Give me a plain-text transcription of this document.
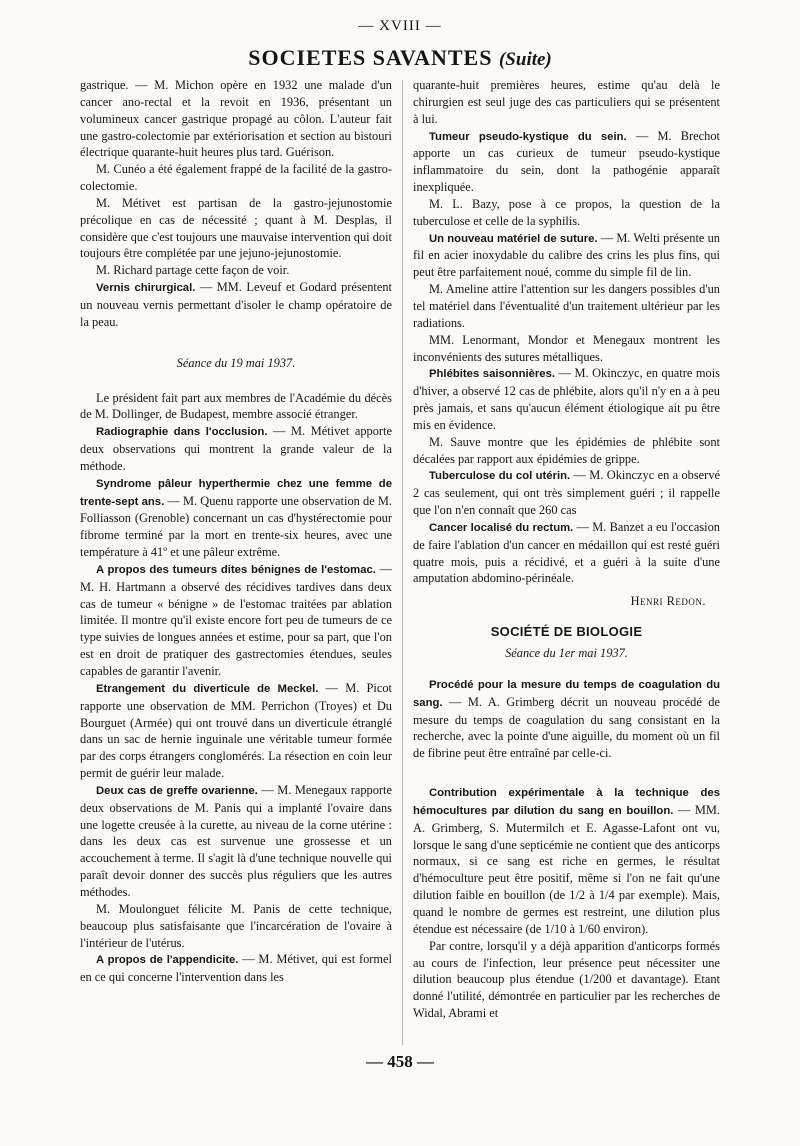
— XVIII —
SOCIETES SAVANTES (Suite)

gastrique. — M. Michon opère en 1932 une malade d'un cancer ano-rectal et la revoit en 1936, présentant un volumineux cancer gastrique propagé au côlon. L'auteur fait une gastro-colectomie par extériorisation et section au bistouri électrique quarante-huit heures plus tard. Guérison.

M. Cunéo a été également frappé de la facilité de la gastro-colectomie.

M. Métivet est partisan de la gastro-jejunostomie précolique en cas de nécessité ; quant à M. Desplas, il considère que c'est toujours une mauvaise intervention qui doit toujours être complétée par une jejuno-jejunostomie.

M. Richard partage cette façon de voir.

Vernis chirurgical. — MM. Leveuf et Godard présentent un nouveau vernis permettant d'isoler le champ opératoire de la peau.

Séance du 19 mai 1937.

Le président fait part aux membres de l'Académie du décès de M. Dollinger, de Budapest, membre associé étranger.

Radiographie dans l'occlusion. — M. Métivet apporte deux observations qui montrent la grande valeur de la méthode.

Syndrome pâleur hyperthermie chez une femme de trente-sept ans. — M. Quenu rapporte une observation de M. Folliasson (Grenoble) concernant un cas d'hystérectomie pour fibrome terminé par la mort en trente-six heures, avec une température à 41º et une pâleur extrême.

A propos des tumeurs dites bénignes de l'estomac. — M. H. Hartmann a observé des récidives tardives dans deux cas de tumeur « bénigne » de l'estomac traitées par ablation limitée. Il montre qu'il existe encore fort peu de tumeurs de ce type suivies de longues années et estime, pour sa part, que l'on est en droit de pratiquer des gastrectomies étendues, seules capables de garantir l'avenir.

Etrangement du diverticule de Meckel. — M. Picot rapporte une observation de MM. Perrichon (Troyes) et Du Bourguet (Armée) qui ont trouvé dans un diverticule étranglé dans un sac de hernie inguinale une véritable tumeur formée par des corps étrangers conglomérés. La résection en coin leur permit de guérir leur malade.

Deux cas de greffe ovarienne. — M. Menegaux rapporte deux observations de M. Panis qui a implanté l'ovaire dans une logette creusée à la curette, au niveau de la corne utérine : dans les deux cas est survenue une grossesse et un accouchement à terme. Il s'agit là d'une technique nouvelle qui paraît devoir donner des succès plus réguliers que les autres méthodes.

M. Moulonguet félicite M. Panis de cette technique, beaucoup plus satisfaisante que l'incarcération de l'ovaire à l'intérieur de l'utérus.

A propos de l'appendicite. — M. Métivet, qui est formel en ce qui concerne l'intervention dans les

quarante-huit premières heures, estime qu'au delà le chirurgien est seul juge des cas particuliers qui se présentent à lui.

Tumeur pseudo-kystique du sein. — M. Brechot apporte un cas curieux de tumeur pseudo-kystique inflammatoire du sein, dont la pathogénie apparaît inexpliquée.

M. L. Bazy, pose à ce propos, la question de la tuberculose et celle de la syphilis.

Un nouveau matériel de suture. — M. Welti présente un fil en acier inoxydable du calibre des crins les plus fins, qui peut être parfaitement noué, comme du simple fil de lin.

M. Ameline attire l'attention sur les dangers possibles d'un tel matériel dans l'éventualité d'un traitement ultérieur par les radiations.

MM. Lenormant, Mondor et Menegaux montrent les inconvénients des sutures métalliques.

Phlébites saisonnières. — M. Okinczyc, en quatre mois d'hiver, a observé 12 cas de phlébite, alors qu'il n'y en a à peu près jamais, et sans qu'aucun élément étiologique ait pu être mis en évidence.

M. Sauve montre que les épidémies de phlébite sont décalées par rapport aux épidémies de grippe.

Tuberculose du col utérin. — M. Okinczyc en a observé 2 cas seulement, qui ont très simplement guéri ; il rappelle que l'on n'en connaît que 260 cas

Cancer localisé du rectum. — M. Banzet a eu l'occasion de faire l'ablation d'un cancer en médaillon qui est resté guéri quatre mois, puis a récidivé, et a guéri à la suite d'une amputation abdomino-périnéale.

Henri Redon.

SOCIÉTÉ DE BIOLOGIE

Séance du 1er mai 1937.

Procédé pour la mesure du temps de coagulation du sang. — M. A. Grimberg décrit un nouveau procédé de mesure du temps de coagulation du sang consistant en la recherche, avec la pointe d'une aiguille, du moment où un fil de fibrine peut être entraîné par celle-ci.

Contribution expérimentale à la technique des hémocultures par dilution du sang en bouillon. — MM. A. Grimberg, S. Mutermilch et E. Agasse-Lafont ont vu, lorsque le sang d'une septicémie ne contient que des anticorps normaux, si ce sang est riche en germes, le résultat d'hémoculture peut être positif, même si l'on ne fait qu'une dilution faible en bouillon (de 1/2 à 1/4 par exemple). Mais, quand le nombre de germes est restreint, une dilution plus étendue est nécessaire (de 1/10 à 1/60 environ).

Par contre, lorsqu'il y a déjà apparition d'anticorps formés au cours de l'infection, leur présence peut nécessiter une dilution beaucoup plus étendue (1/200 et davantage). Etant donné l'utilité, démontrée en particulier par les recherches de Widal, Abrami et

— 458 —
